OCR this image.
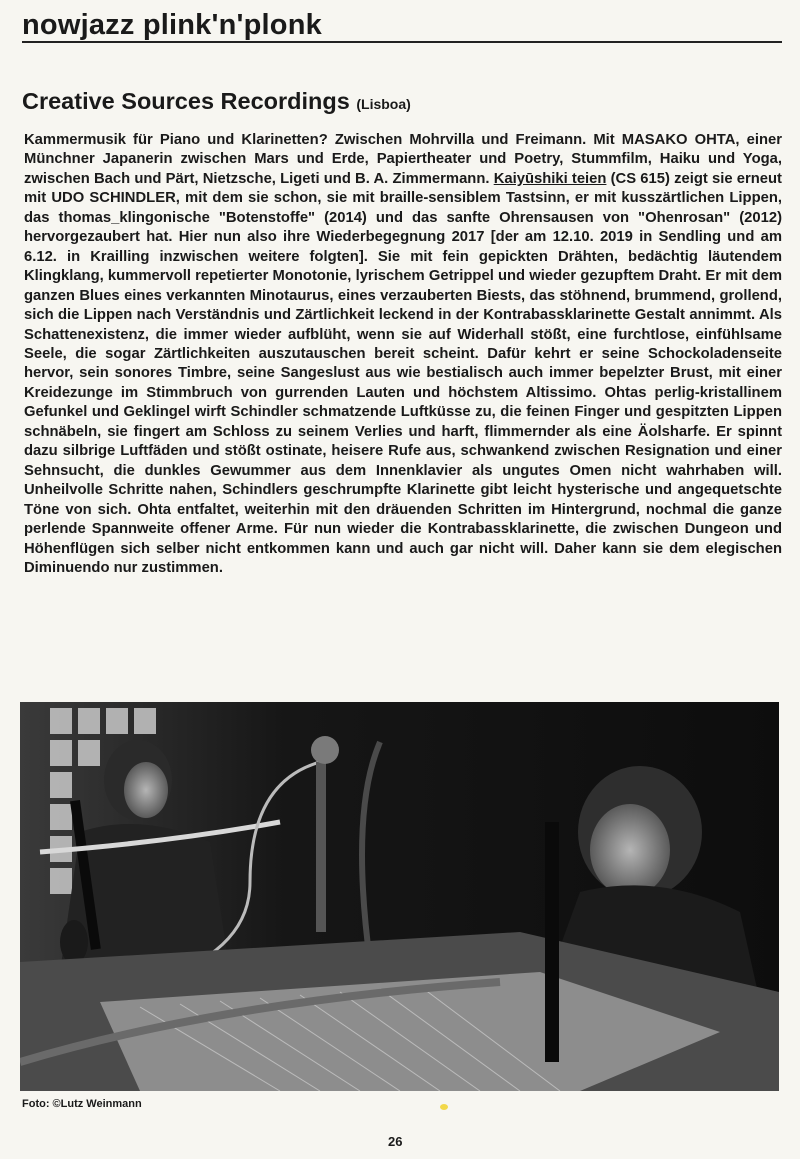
nowjazz plink'n'plonk
Creative Sources Recordings (Lisboa)
Kammermusik für Piano und Klarinetten? Zwischen Mohrvilla und Freimann. Mit MASAKO OHTA, einer Münchner Japanerin zwischen Mars und Erde, Papiertheater und Poetry, Stummfilm, Haiku und Yoga, zwischen Bach und Pärt, Nietzsche, Ligeti und B. A. Zimmermann. Kaiyūshiki teien (CS 615) zeigt sie erneut mit UDO SCHINDLER, mit dem sie schon, sie mit braille-sensiblem Tastsinn, er mit kusszärtlichen Lippen, das thomas_klingonische "Botenstoffe" (2014) und das sanfte Ohrensausen von "Ohenrosan" (2012) hervorgezaubert hat. Hier nun also ihre Wiederbegegnung 2017 [der am 12.10. 2019 in Sendling und am 6.12. in Krailling inzwischen weitere folgten]. Sie mit fein gepickten Drähten, bedächtig läutendem Klingklang, kummervoll repetierter Monotonie, lyrischem Getrippel und wieder gezupftem Draht. Er mit dem ganzen Blues eines verkannten Minotaurus, eines verzauberten Biests, das stöhnend, brummend, grollend, sich die Lippen nach Verständnis und Zärtlichkeit leckend in der Kontrabassklarinette Gestalt annimmt. Als Schattenexistenz, die immer wieder aufblüht, wenn sie auf Widerhall stößt, eine furchtlose, einfühlsame Seele, die sogar Zärtlichkeiten auszutauschen bereit scheint. Dafür kehrt er seine Schockoladenseite hervor, sein sonores Timbre, seine Sangeslust aus wie bestialisch auch immer bepelzter Brust, mit einer Kreidezunge im Stimmbruch von gurrenden Lauten und höchstem Altissimo. Ohtas perlig-kristallinem Gefunkel und Geklingel wirft Schindler schmatzende Luftküsse zu, die feinen Finger und gespitzten Lippen schnäbeln, sie fingert am Schloss zu seinem Verlies und harft, flimmernder als eine Äolsharfe. Er spinnt dazu silbrige Luftfäden und stößt ostinate, heisere Rufe aus, schwankend zwischen Resignation und einer Sehnsucht, die dunkles Gewummer aus dem Innenklavier als ungutes Omen nicht wahrhaben will. Unheilvolle Schritte nahen, Schindlers geschrumpfte Klarinette gibt leicht hysterische und angequetschte Töne von sich. Ohta entfaltet, weiterhin mit den dräuenden Schritten im Hintergrund, nochmal die ganze perlende Spannweite offener Arme. Für nun wieder die Kontrabassklarinette, die zwischen Dungeon und Höhenflügen sich selber nicht entkommen kann und auch gar nicht will. Daher kann sie dem elegischen Diminuendo nur zustimmen.
Foto: ©Lutz Weinmann
26
